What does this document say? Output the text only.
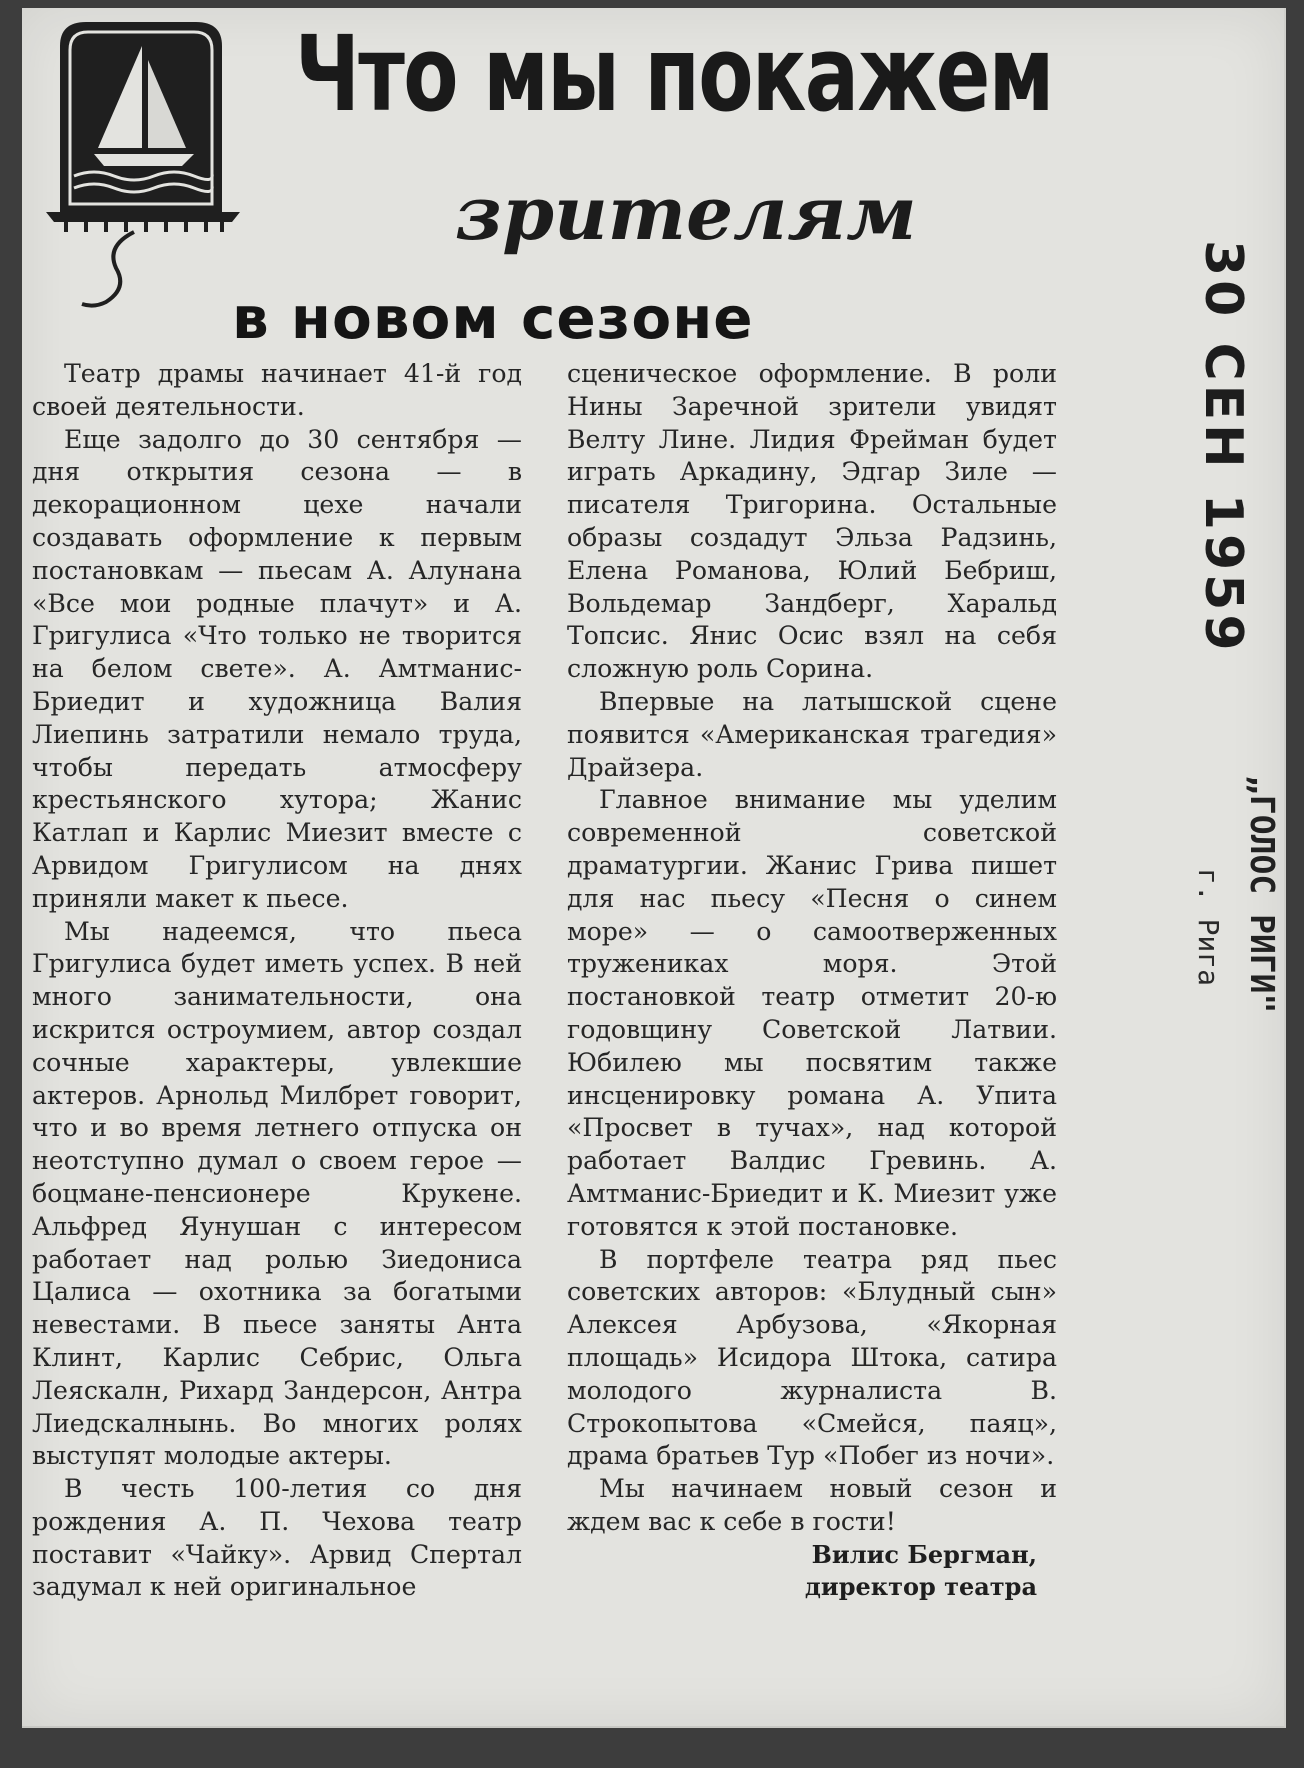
Что мы покажем
зрителям
в новом сезоне

Театр драмы начинает 41-й год своей деятельности.

Еще задолго до 30 сентября — дня открытия сезона — в декорационном цехе начали создавать оформление к первым постановкам — пьесам А. Алунана «Все мои родные плачут» и А. Григулиса «Что только не творится на белом свете». А. Амтманис-Бриедит и художница Валия Лиепинь затратили немало труда, чтобы передать атмосферу крестьянского хутора; Жанис Катлап и Карлис Миезит вместе с Арвидом Григулисом на днях приняли макет к пьесе.

Мы надеемся, что пьеса Григулиса будет иметь успех. В ней много занимательности, она искрится остроумием, автор создал сочные характеры, увлекшие актеров. Арнольд Милбрет говорит, что и во время летнего отпуска он неотступно думал о своем герое — боцмане-пенсионере Крукене. Альфред Яунушан с интересом работает над ролью Зиедониса Цалиса — охотника за богатыми невестами. В пьесе заняты Анта Клинт, Карлис Себрис, Ольга Леяскалн, Рихард Зандерсон, Антра Лиедскалнынь. Во многих ролях выступят молодые актеры.

В честь 100-летия со дня рождения А. П. Чехова театр поставит «Чайку». Арвид Спертал задумал к ней оригинальное

сценическое оформление. В роли Нины Заречной зрители увидят Велту Лине. Лидия Фрейман будет играть Аркадину, Эдгар Зиле — писателя Тригорина. Остальные образы создадут Эльза Радзинь, Елена Романова, Юлий Бебриш, Вольдемар Зандберг, Харальд Топсис. Янис Осис взял на себя сложную роль Сорина.

Впервые на латышской сцене появится «Американская трагедия» Драйзера.

Главное внимание мы уделим современной советской драматургии. Жанис Грива пишет для нас пьесу «Песня о синем море» — о самоотверженных тружениках моря. Этой постановкой театр отметит 20-ю годовщину Советской Латвии. Юбилею мы посвятим также инсценировку романа А. Упита «Просвет в тучах», над которой работает Валдис Гревинь. А. Амтманис-Бриедит и К. Миезит уже готовятся к этой постановке.

В портфеле театра ряд пьес советских авторов: «Блудный сын» Алексея Арбузова, «Якорная площадь» Исидора Штока, сатира молодого журналиста В. Строкопытова «Смейся, паяц», драма братьев Тур «Побег из ночи».

Мы начинаем новый сезон и ждем вас к себе в гости!

Вилис Бергман,
директор театра
30 СЕН 1959
„ГОЛОС РИГИ"
г. Рига
